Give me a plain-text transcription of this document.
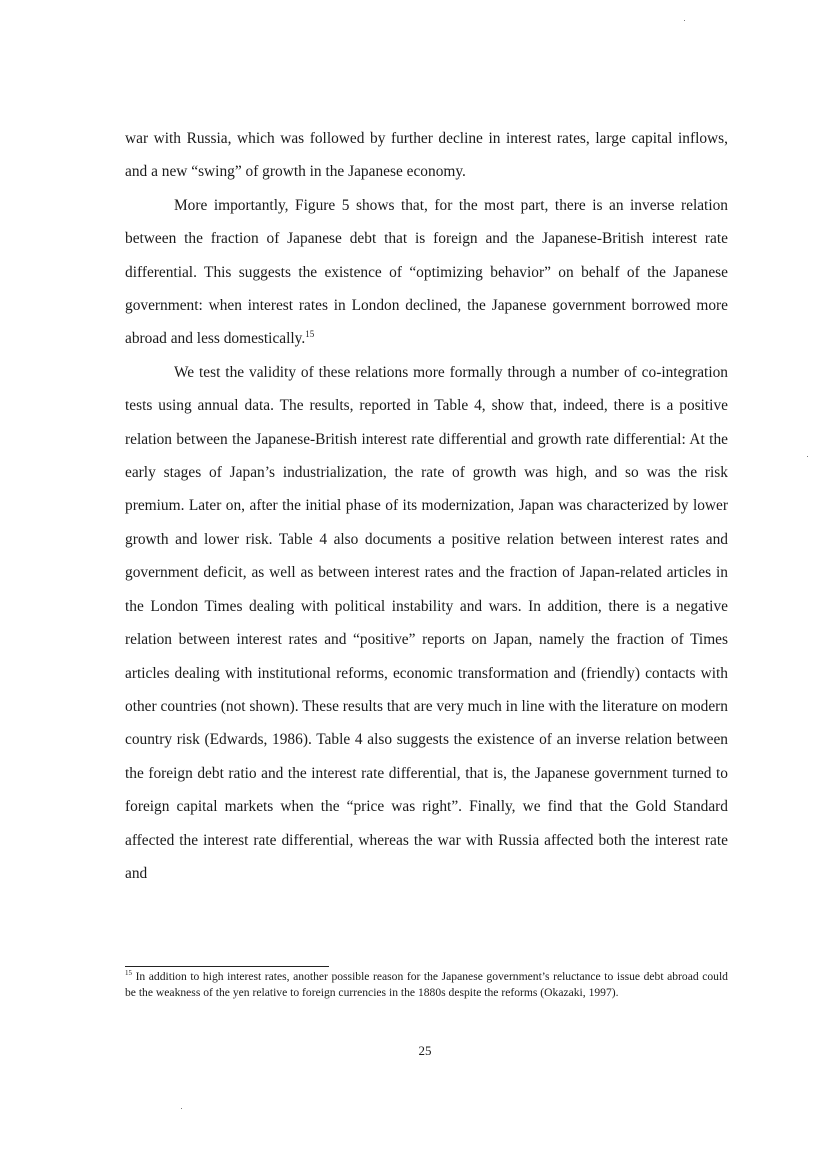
war with Russia, which was followed by further decline in interest rates, large capital inflows, and a new “swing” of growth in the Japanese economy.

More importantly, Figure 5 shows that, for the most part, there is an inverse relation between the fraction of Japanese debt that is foreign and the Japanese-British interest rate differential. This suggests the existence of “optimizing behavior” on behalf of the Japanese government: when interest rates in London declined, the Japanese government borrowed more abroad and less domestically.$^{15}$

We test the validity of these relations more formally through a number of co-integration tests using annual data. The results, reported in Table 4, show that, indeed, there is a positive relation between the Japanese-British interest rate differential and growth rate differential: At the early stages of Japan’s industrialization, the rate of growth was high, and so was the risk premium. Later on, after the initial phase of its modernization, Japan was characterized by lower growth and lower risk. Table 4 also documents a positive relation between interest rates and government deficit, as well as between interest rates and the fraction of Japan-related articles in the London Times dealing with political instability and wars. In addition, there is a negative relation between interest rates and “positive” reports on Japan, namely the fraction of Times articles dealing with institutional reforms, economic transformation and (friendly) contacts with other countries (not shown). These results that are very much in line with the literature on modern country risk (Edwards, 1986). Table 4 also suggests the existence of an inverse relation between the foreign debt ratio and the interest rate differential, that is, the Japanese government turned to foreign capital markets when the “price was right”. Finally, we find that the Gold Standard affected the interest rate differential, whereas the war with Russia affected both the interest rate and

$^{15}$ In addition to high interest rates, another possible reason for the Japanese government’s reluctance to issue debt abroad could be the weakness of the yen relative to foreign currencies in the 1880s despite the reforms (Okazaki, 1997).
25
